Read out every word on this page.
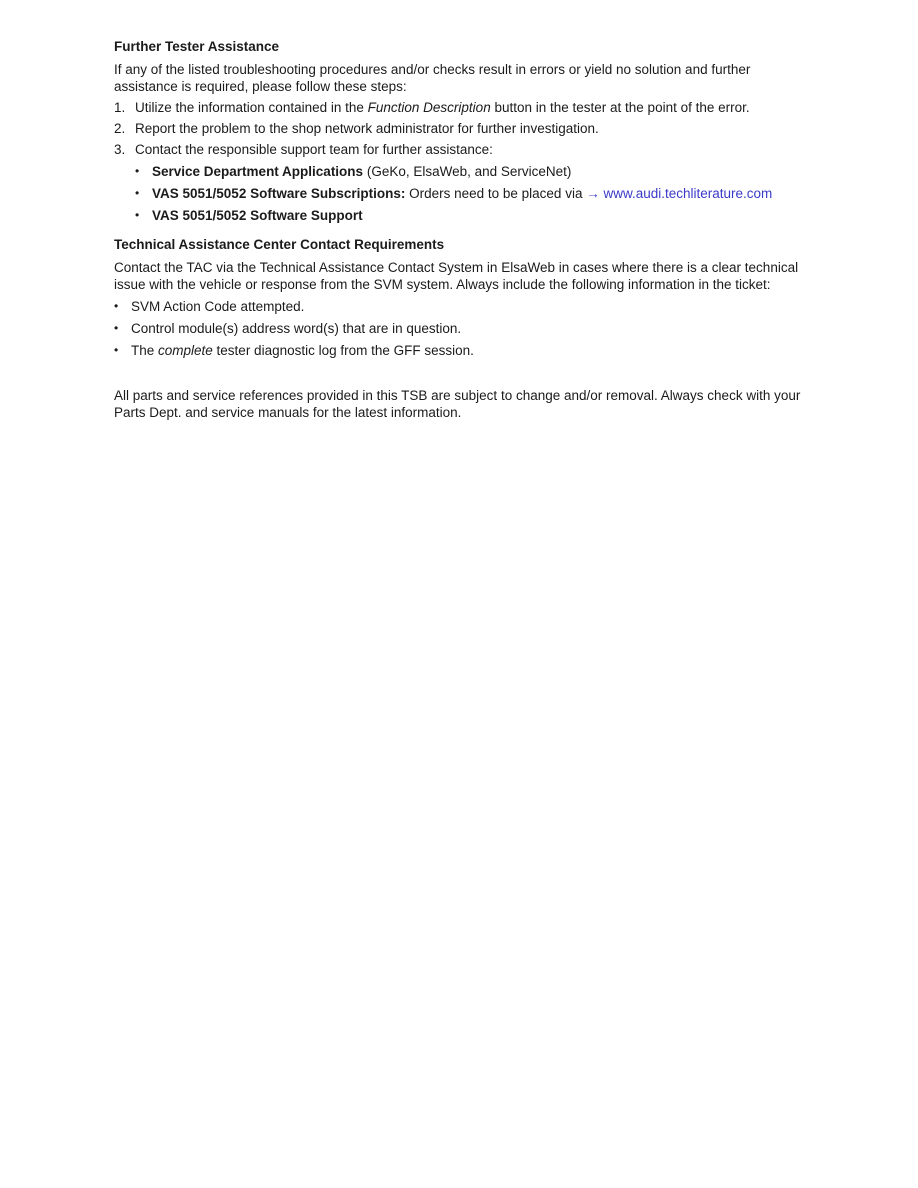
Further Tester Assistance

If any of the listed troubleshooting procedures and/or checks result in errors or yield no solution and further assistance is required, please follow these steps:

1. Utilize the information contained in the Function Description button in the tester at the point of the error.
2. Report the problem to the shop network administrator for further investigation.
3. Contact the responsible support team for further assistance:
• Service Department Applications (GeKo, ElsaWeb, and ServiceNet)
• VAS 5051/5052 Software Subscriptions: Orders need to be placed via → www.audi.techliterature.com
• VAS 5051/5052 Software Support
Technical Assistance Center Contact Requirements

Contact the TAC via the Technical Assistance Contact System in ElsaWeb in cases where there is a clear technical issue with the vehicle or response from the SVM system. Always include the following information in the ticket:

• SVM Action Code attempted.
• Control module(s) address word(s) that are in question.
• The complete tester diagnostic log from the GFF session.

All parts and service references provided in this TSB are subject to change and/or removal. Always check with your Parts Dept. and service manuals for the latest information.
